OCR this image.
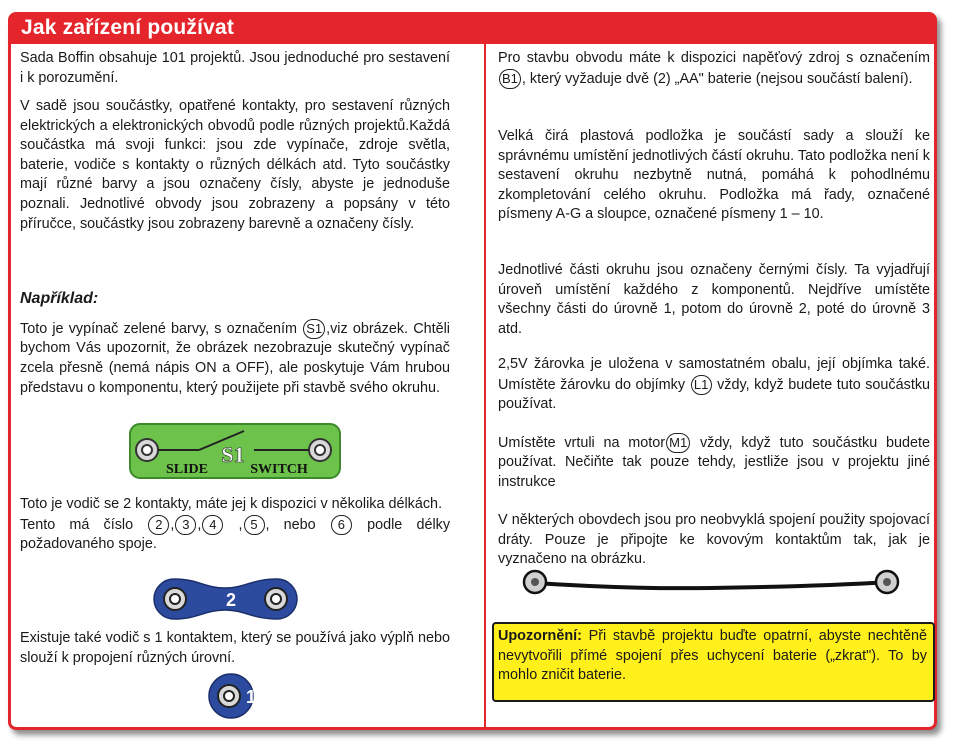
Jak zařízení používat

Sada Boffin obsahuje 101 projektů. Jsou jednoduché pro sestavení i k porozumění.

V sadě jsou součástky, opatřené kontakty, pro sestavení různých elektrických a elektronických obvodů podle různých projektů.Každá součástka má svoji funkci: jsou zde vypínače, zdroje světla, baterie, vodiče s kontakty o různých délkách atd. Tyto součástky mají různé barvy a jsou označeny čísly, abyste je jednoduše poznali. Jednotlivé obvody jsou zobrazeny a popsány v této příručce, součástky jsou zobrazeny barevně a označeny čísly.

Toto je vypínač zelené barvy, s označením S1 ,viz obrázek. Chtěli bychom Vás upozornit, že obrázek nezobrazuje skutečný vypínač zcela přesně (nemá nápis ON a OFF), ale poskytuje Vám hrubou představu o komponentu, který použijete při stavbě svého okruhu.

Toto je vodič se 2 kontakty, máte jej k dispozici v několika délkách.
Tento má číslo 2 , 3 , 4 , 5 , nebo 6 podle délky požadovaného spoje.

Existuje také vodič s 1 kontaktem, který se používá jako výplň nebo slouží k propojení různých úrovní.

Například:
S1
SLIDE	SWITCH
2
1

Pro stavbu obvodu máte k dispozici napěťový zdroj s označením B1 , který vyžaduje dvě (2) „AA" baterie (nejsou součástí balení).

Velká čirá plastová podložka je součástí sady a slouží ke správnému umístění jednotlivých částí okruhu. Tato podložka není k sestavení okruhu nezbytně nutná, pomáhá k pohodlnému zkompletování celého okruhu. Podložka má řady, označené písmeny A-G a sloupce, označené písmeny 1 – 10.

Jednotlivé části okruhu jsou označeny černými čísly. Ta vyjadřují úroveň umístění každého z komponentů. Nejdříve umístěte všechny části do úrovně 1, potom do úrovně 2, poté do úrovně 3 atd.

2,5V žárovka je uložena v samostatném obalu, její objímka také. Umístěte žárovku do objímky L1 vždy, když budete tuto součástku používat.

Umístěte vrtuli na motor M1 vždy, když tuto součástku budete používat. Nečiňte tak pouze tehdy, jestliže jsou v projektu jiné instrukce

V některých obovdech jsou pro neobvyklá spojení použity spojovací dráty. Pouze je připojte ke kovovým kontaktům tak, jak je vyznačeno na obrázku.

Upozornění: Při stavbě projektu buďte opatrní, abyste nechtěně nevytvořili přímé spojení přes uchycení baterie („zkrat"). To by mohlo zničit baterie.
